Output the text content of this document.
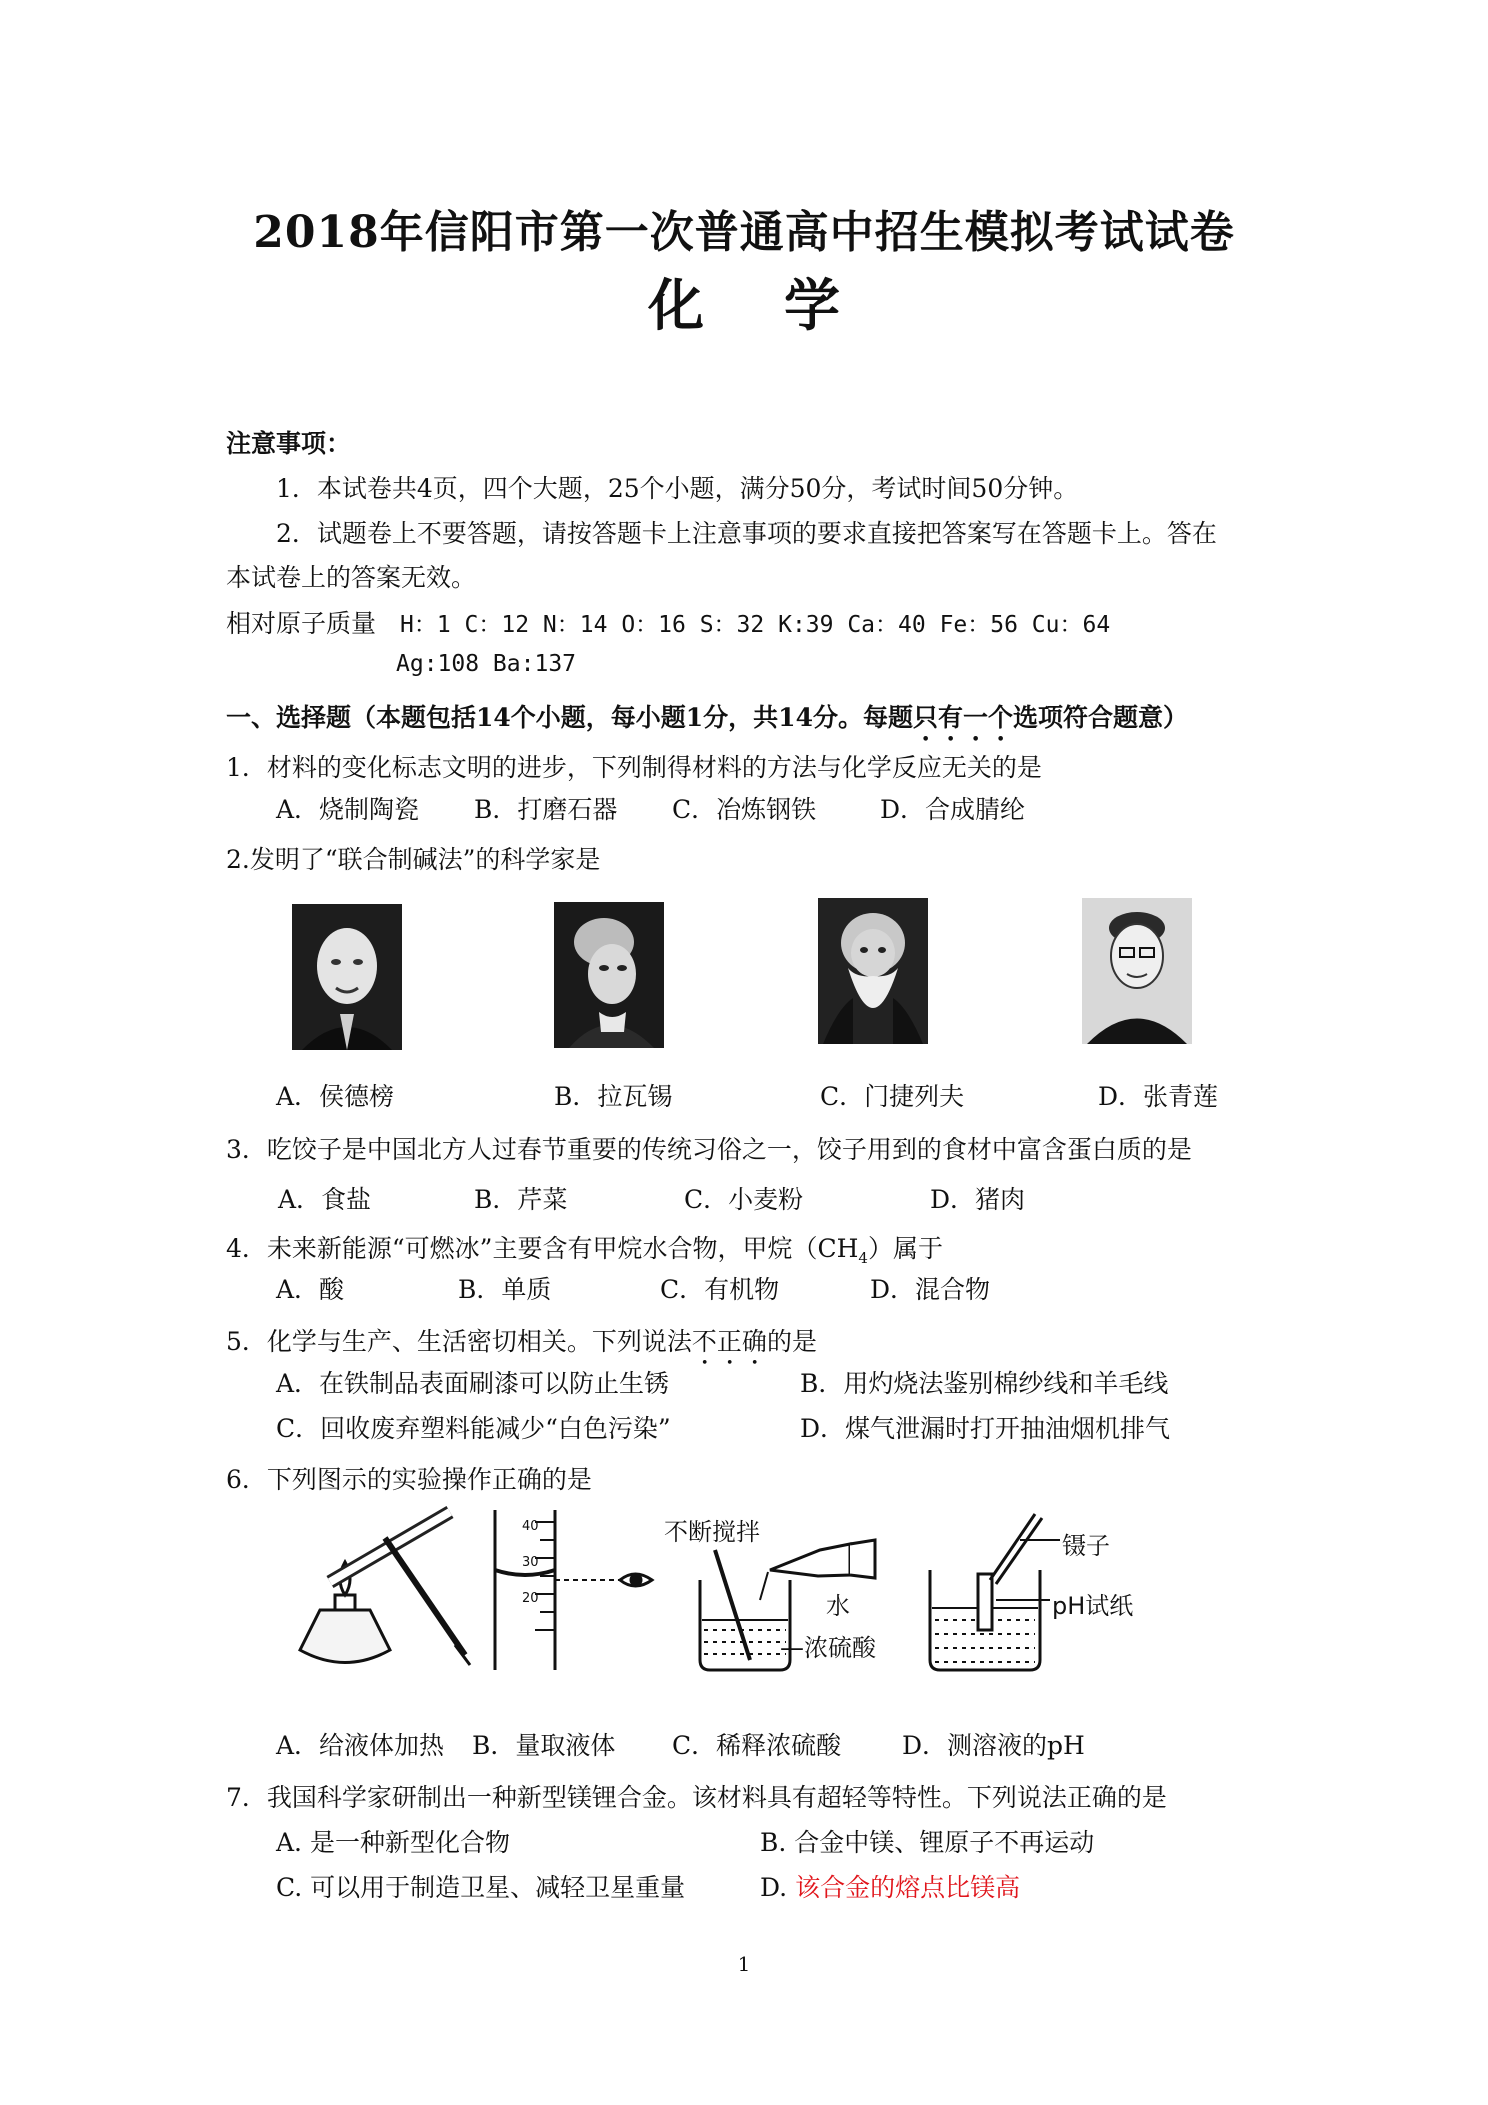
2018年信阳市第一次普通高中招生模拟考试试卷
化学
注意事项：
1．本试卷共4页，四个大题，25个小题，满分50分，考试时间50分钟。
2．试题卷上不要答题，请按答题卡上注意事项的要求直接把答案写在答题卡上。答在
本试卷上的答案无效。
相对原子质量 H：1 C：12 N：14 O：16 S：32 K:39 Ca：40 Fe：56 Cu：64
Ag:108 Ba:137
一、选择题（本题包括14个小题，每小题1分，共14分。每题只有一个选项符合题意）
1．材料的变化标志文明的进步，下列制得材料的方法与化学反应无关的是
A．烧制陶瓷 B．打磨石器 C．冶炼钢铁	D．合成腈纶
2.发明了“联合制碱法”的科学家是
A．侯德榜	B．拉瓦锡	C．门捷列夫	D．张青莲
3．吃饺子是中国北方人过春节重要的传统习俗之一，饺子用到的食材中富含蛋白质的是
A．食盐	B．芹菜	C．小麦粉	D．猪肉
4．未来新能源“可燃冰”主要含有甲烷水合物，甲烷$(CH_4)$属于
A．酸	B．单质	C．有机物	D．混合物
5．化学与生产、生活密切相关。下列说法不正确的是
A．在铁制品表面刷漆可以防止生锈	B．用灼烧法鉴别棉纱线和羊毛线
C．回收废弃塑料能减少“白色污染”	D．煤气泄漏时打开抽油烟机排气
6．下列图示的实验操作正确的是
40
30
20
不断搅拌
水
—浓硫酸
镊子
pH试纸
A．给液体加热 B．量取液体 C．稀释浓硫酸 D．测溶液的pH
7．我国科学家研制出一种新型镁锂合金。该材料具有超轻等特性。下列说法正确的是
A. 是一种新型化合物	B. 合金中镁、锂原子不再运动
C. 可以用于制造卫星、减轻卫星重量	D. 该合金的熔点比镁高
1
